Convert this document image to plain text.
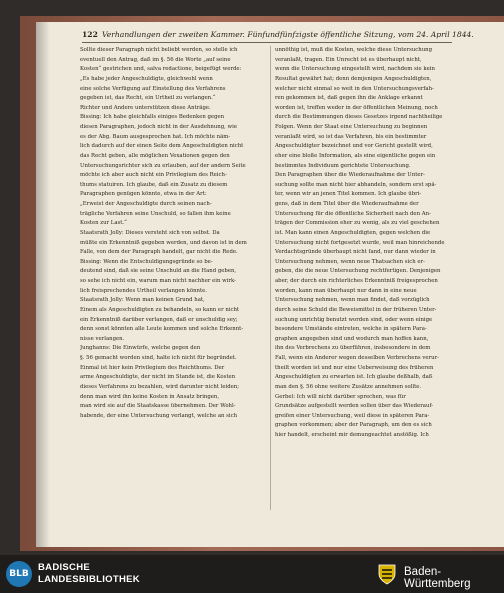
122 Verhandlungen der zweiten Kammer. Fünfundfünfzigste öffentliche Sitzung, vom 24. April 1844.

Sollte dieser Paragraph nicht beliebt werden, so stelle ich

eventuell den Antrag, daß im §. 56 die Worte „auf seine

Kosten“ gestrichen und, salva redactione, beigefügt werde:

„Es habe jeder Angeschuldigte, gleichwohl wenn

eine solche Verfügung auf Einstellung des Verfahrens

gegeben ist, das Recht, ein Urtheil zu verlangen.“

Richter und Andere unterstützen diese Anträge.

Bissing: Ich habe gleichfalls einiges Bedenken gegen

diesen Paragraphen, jedoch nicht in der Ausdehnung, wie

es der Abg. Baum ausgesprochen hat. Ich möchte näm-

lich dadurch auf der einen Seite dem Angeschuldigten nicht

das Recht geben, alle möglichen Vexationen gegen den

Untersuchungsrichter sich zu erlauben, auf der andern Seite

möchte ich aber auch nicht ein Privilegium des Reich-

thums statuiren. Ich glaube, daß ein Zusatz zu diesem

Paragraphen genügen könnte, etwa in der Art:

„Erweist der Angeschuldigte durch seinen nach-

trägliche Verfahren seine Unschuld, so fallen ihm keine

Kosten zur Last.“

Staatsrath Jolly: Dieses versteht sich von selbst. Da

müßte ein Erkenntniß gegeben werden, und davon ist in dem

Falle, von dem der Paragraph handelt, gar nicht die Rede.

Bissing: Wenn die Entschuldigungsgründe so be-

deutend sind, daß sie seine Unschuld an die Hand geben,

so sehe ich nicht ein, warum man nicht nachher ein wirk-

lich freisprechendes Urtheil verlangen könnte.

Staatsrath Jolly: Wenn man keinen Grund hat,

Einem als Angeschuldigten zu behandeln, so kann er nicht

ein Erkenntniß darüber verlangen, daß er unschuldig sey;

denn sonst könnten alle Leute kommen und solche Erkennt-

nisse verlangen.

Junghanns: Die Einwürfe, welche gegen den

§. 56 gemacht worden sind, halte ich nicht für begründet.

Einmal ist hier kein Privilegium des Reichthums. Der

arme Angeschuldigte, der nicht im Stande ist, die Kosten

dieses Verfahrens zu bezahlen, wird darunter nicht leiden;

denn man wird ihn keine Kosten in Ansatz bringen,

man wird sie auf die Staatskasse übernehmen. Der Wohl-

habende, der eine Untersuchung verlangt, welche an sich

unnöthig ist, muß die Kosten, welche diese Untersuchung

veranlaßt, tragen. Ein Unrecht ist es überhaupt nicht,

wenn die Untersuchung eingestellt wird, nachdem sie kein

Resultat gewährt hat; denn demjenigen Angeschuldigten,

welcher nicht einmal so weit in den Untersuchungsverfah-

ren gekommen ist, daß gegen ihn die Anklage erkannt

worden ist, treffen weder in der öffentlichen Meinung, noch

durch die Bestimmungen dieses Gesetzes irgend nachtheilige

Folgen. Wenn der Staat eine Untersuchung zu beginnen

veranlaßt wird, so ist das Verfahren, bis ein bestimmter

Angeschuldigter bezeichnet und vor Gericht gestellt wird,

eher eine bloße Information, als eine eigentliche gegen ein

bestimmtes Individuum gerichtete Untersuchung.

Den Paragraphen über die Wiederaufnahme der Unter-

suchung sollte man nicht hier abhandeln, sondern erst spä-

ter, wenn wir an jenen Titel kommen. Ich glaube übri-

gens, daß in dem Titel über die Wiederaufnahme der

Untersuchung für die öffentliche Sicherheit nach den An-

trägen der Commission eher zu wenig, als zu viel geschehen

ist. Man kann einen Angeschuldigten, gegen welchen die

Untersuchung nicht fortgesetzt wurde, weil man hinreichende

Verdachtsgründe überhaupt nicht fand, nur dann wieder in

Untersuchung nehmen, wenn neue Thatsachen sich er-

geben, die die neue Untersuchung rechtfertigen. Denjenigen

aber, der durch ein richterliches Erkenntniß freigesprochen

worden, kann man überhaupt nur dann in eine neue

Untersuchung nehmen, wenn man findet, daß vorzüglich

durch seine Schuld die Beweismittel in der früheren Unter-

suchung unrichtig benutzt worden sind, oder wenn einige

besondere Umstände eintreten, welche in spätern Para-

graphen angegeben sind und wodurch man hoffen kann,

ihn des Verbrechens zu überführen, insbesondere in dem

Fall, wenn ein Anderer wegen desselben Verbrechens verur-

theilt worden ist und nur eine Ueberweisung des früheren

Angeschuldigten zu erwarten ist. Ich glaube deßhalb, daß

man den §. 56 ohne weitere Zusätze annehmen sollte.

Gerbel: Ich will nicht darüber sprechen, was für

Grundsätze aufgestellt werden sollen über das Wiederauf-

greifen einer Untersuchung, weil diese in späteren Para-

graphen vorkommen; aber der Paragraph, um den es sich

hier handelt, erscheint mir demungeachtet anstößig. Ich

BLB
BADISCHE
LANDESBIBLIOTHEK
Baden-Württemberg
